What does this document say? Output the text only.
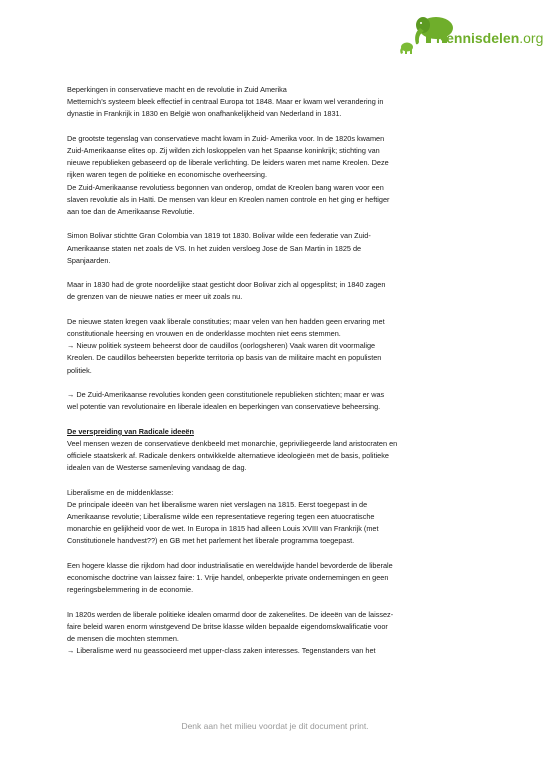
Kennisdelen.org

Beperkingen in conservatieve macht en de revolutie in Zuid Amerika
Metternich’s systeem bleek effectief in centraal Europa tot 1848. Maar er kwam wel verandering in
dynastie in Frankrijk in 1830 en België won onafhankelijkheid van Nederland in 1831.

De grootste tegenslag van conservatieve macht kwam in Zuid- Amerika voor. In de 1820s kwamen
Zuid-Amerikaanse elites op. Zij wilden zich loskoppelen van het Spaanse koninkrijk; stichting van
nieuwe republieken gebaseerd op de liberale verlichting. De leiders waren met name Kreolen. Deze
rijken waren tegen de politieke en economische overheersing.
De Zuid-Amerikaanse revolutiess begonnen van onderop, omdat de Kreolen bang waren voor een
slaven revolutie als in Haïti. De mensen van kleur en Kreolen namen controle en het ging er heftiger
aan toe dan de Amerikaanse Revolutie.

Simon Bolivar stichtte Gran Colombia van 1819 tot 1830. Bolivar wilde een federatie van Zuid-
Amerikaanse staten net zoals de VS. In het zuiden versloeg Jose de San Martin in 1825 de
Spanjaarden.

Maar in 1830 had de grote noordelijke staat gesticht door Bolivar zich al opgesplitst; in 1840 zagen
de grenzen van de nieuwe naties er meer uit zoals nu.

De nieuwe staten kregen vaak liberale constituties; maar velen van hen hadden geen ervaring met
constitutionale heersing en vrouwen en de onderklasse mochten niet eens stemmen.
→ Nieuw politiek systeem beheerst door de caudillos (oorlogsheren) Vaak waren dit voormalige
Kreolen. De caudillos beheersten beperkte territoria op basis van de militaire macht en populisten
politiek.

→ De Zuid-Amerikaanse revoluties konden geen constitutionele republieken stichten; maar er was
wel potentie van revolutionaire en liberale idealen en beperkingen van conservatieve beheersing.

De verspreiding van Radicale ideeën
Veel mensen wezen de conservatieve denkbeeld met monarchie, gepriviliegeerde land aristocraten en
officiele staatskerk af. Radicale denkers ontwikkelde alternatieve ideologieën met de basis, politieke
idealen van de Westerse samenleving vandaag de dag.

Liberalisme en de middenklasse:
De principale ideeën van het liberalisme waren niet verslagen na 1815. Eerst toegepast in de
Amerikaanse revolutie; Liberalisme wilde een representatieve regering tegen een atuocratische
monarchie en gelijkheid voor de wet. In Europa in 1815 had alleen Louis XVIII van Frankrijk (met
Constitutionele handvest??) en GB met het parlement het liberale programma toegepast.

Een hogere klasse die rijkdom had door industrialisatie en wereldwijde handel bevorderde de liberale
economische doctrine van laissez faire: 1. Vrije handel, onbeperkte private ondernemingen en geen
regeringsbelemmering in de economie.

In 1820s werden de liberale politieke idealen omarmd door de zakenelites. De ideeën van de laissez-
faire beleid waren enorm winstgevend De britse klasse wilden bepaalde eigendomskwalificatie voor
de mensen die mochten stemmen.
→ Liberalisme werd nu geassocieerd met upper-class zaken interesses. Tegenstanders van het

Denk aan het milieu voordat je dit document print.
